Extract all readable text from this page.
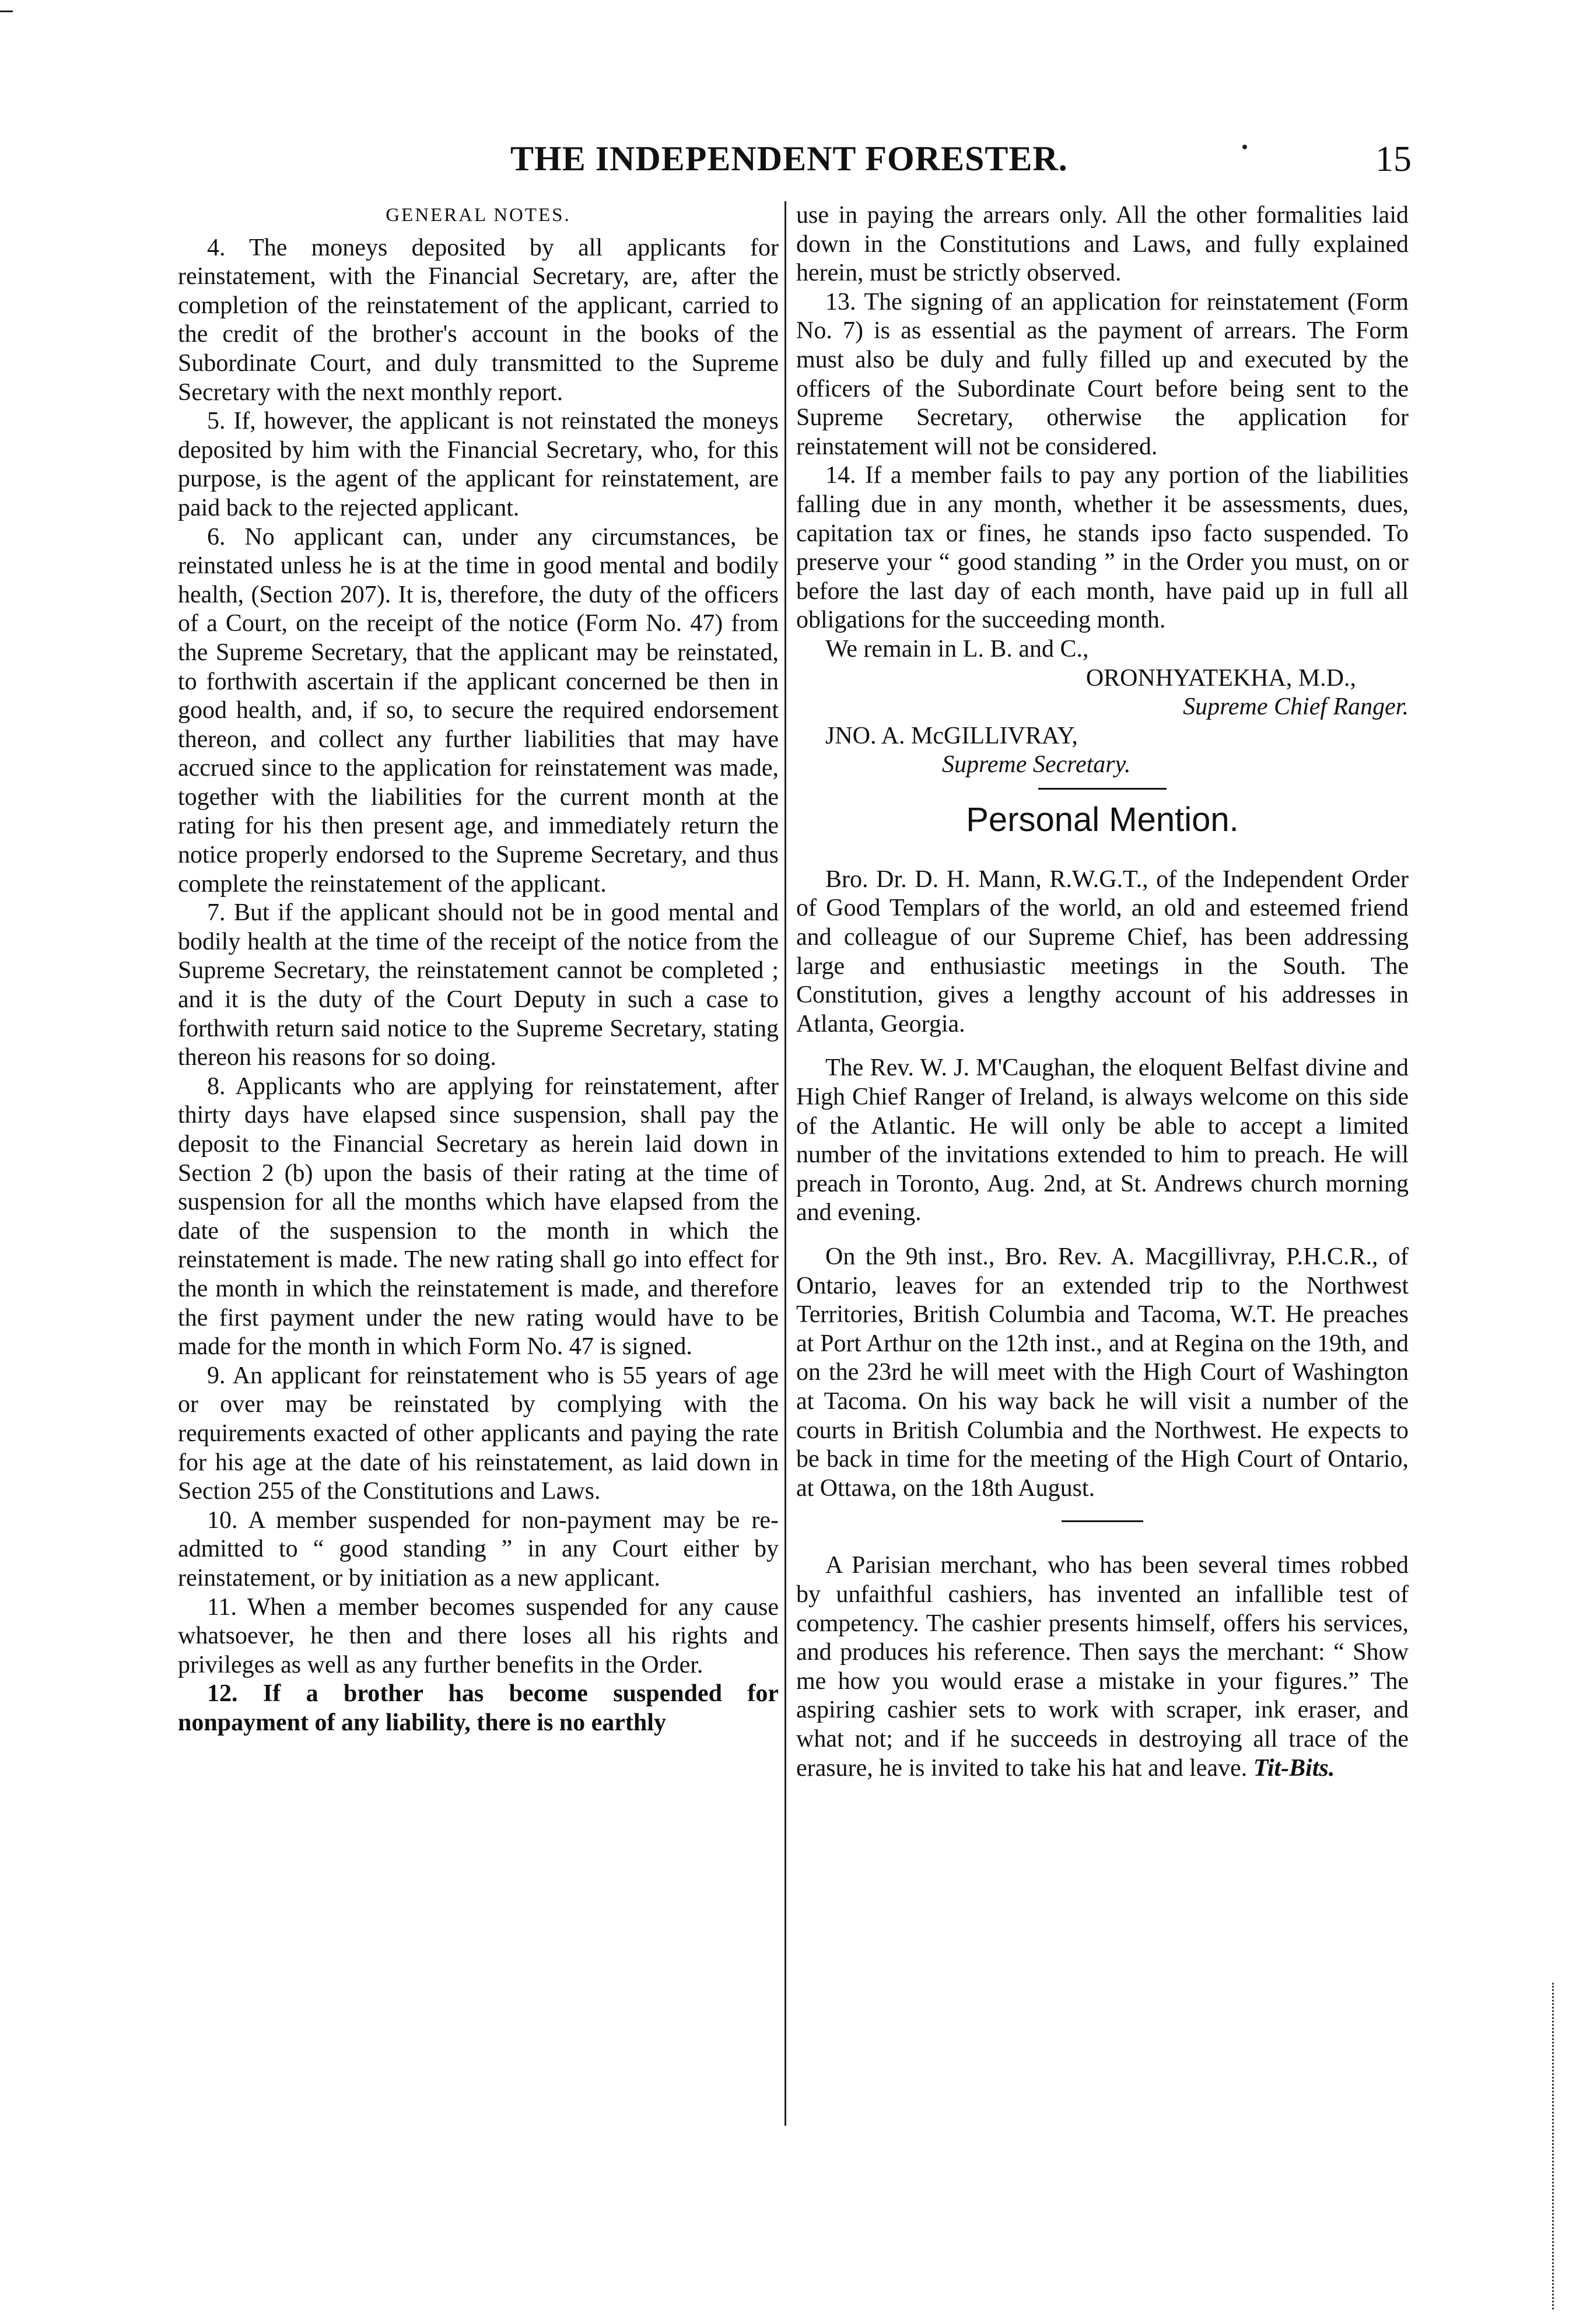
THE INDEPENDENT FORESTER.	15
GENERAL NOTES.

4. The moneys deposited by all applicants for reinstatement, with the Financial Secretary, are, after the completion of the reinstatement of the applicant, carried to the credit of the brother's account in the books of the Subordinate Court, and duly transmitted to the Supreme Secretary with the next monthly report.

5. If, however, the applicant is not reinstated the moneys deposited by him with the Financial Secretary, who, for this purpose, is the agent of the applicant for reinstatement, are paid back to the rejected applicant.

6. No applicant can, under any circumstances, be reinstated unless he is at the time in good mental and bodily health, (Section 207). It is, therefore, the duty of the officers of a Court, on the receipt of the notice (Form No. 47) from the Supreme Secretary, that the applicant may be reinstated, to forthwith ascertain if the applicant concerned be then in good health, and, if so, to secure the required endorsement thereon, and collect any further liabilities that may have accrued since to the application for reinstatement was made, together with the liabilities for the current month at the rating for his then present age, and immediately return the notice properly endorsed to the Supreme Secretary, and thus complete the reinstatement of the applicant.

7. But if the applicant should not be in good mental and bodily health at the time of the receipt of the notice from the Supreme Secretary, the reinstatement cannot be completed ; and it is the duty of the Court Deputy in such a case to forthwith return said notice to the Supreme Secretary, stating thereon his reasons for so doing.

8. Applicants who are applying for reinstatement, after thirty days have elapsed since suspension, shall pay the deposit to the Financial Secretary as herein laid down in Section 2 (b) upon the basis of their rating at the time of suspension for all the months which have elapsed from the date of the suspension to the month in which the reinstatement is made. The new rating shall go into effect for the month in which the reinstatement is made, and therefore the first payment under the new rating would have to be made for the month in which Form No. 47 is signed.

9. An applicant for reinstatement who is 55 years of age or over may be reinstated by complying with the requirements exacted of other applicants and paying the rate for his age at the date of his reinstatement, as laid down in Section 255 of the Constitutions and Laws.

10. A member suspended for non-payment may be re-admitted to “ good standing ” in any Court either by reinstatement, or by initiation as a new applicant.

11. When a member becomes suspended for any cause whatsoever, he then and there loses all his rights and privileges as well as any further benefits in the Order.

12. If a brother has become suspended for nonpayment of any liability, there is no earthly

use in paying the arrears only. All the other formalities laid down in the Constitutions and Laws, and fully explained herein, must be strictly observed.

13. The signing of an application for reinstatement (Form No. 7) is as essential as the payment of arrears. The Form must also be duly and fully filled up and executed by the officers of the Subordinate Court before being sent to the Supreme Secretary, otherwise the application for reinstatement will not be considered.

14. If a member fails to pay any portion of the liabilities falling due in any month, whether it be assessments, dues, capitation tax or fines, he stands ipso facto suspended. To preserve your “ good standing ” in the Order you must, on or before the last day of each month, have paid up in full all obligations for the succeeding month.

We remain in L. B. and C.,

ORONHYATEKHA, M.D.,

Supreme Chief Ranger.

JNO. A. McGILLIVRAY,

Supreme Secretary.

Personal Mention.

Bro. Dr. D. H. Mann, R.W.G.T., of the Independent Order of Good Templars of the world, an old and esteemed friend and colleague of our Supreme Chief, has been addressing large and enthusiastic meetings in the South. The Constitution, gives a lengthy account of his addresses in Atlanta, Georgia.

The Rev. W. J. M'Caughan, the eloquent Belfast divine and High Chief Ranger of Ireland, is always welcome on this side of the Atlantic. He will only be able to accept a limited number of the invitations extended to him to preach. He will preach in Toronto, Aug. 2nd, at St. Andrews church morning and evening.

On the 9th inst., Bro. Rev. A. Macgillivray, P.H.C.R., of Ontario, leaves for an extended trip to the Northwest Territories, British Columbia and Tacoma, W.T. He preaches at Port Arthur on the 12th inst., and at Regina on the 19th, and on the 23rd he will meet with the High Court of Washington at Tacoma. On his way back he will visit a number of the courts in British Columbia and the Northwest. He expects to be back in time for the meeting of the High Court of Ontario, at Ottawa, on the 18th August.

A Parisian merchant, who has been several times robbed by unfaithful cashiers, has invented an infallible test of competency. The cashier presents himself, offers his services, and produces his reference. Then says the merchant: “ Show me how you would erase a mistake in your figures.” The aspiring cashier sets to work with scraper, ink eraser, and what not; and if he succeeds in destroying all trace of the erasure, he is invited to take his hat and leave. Tit-Bits.
